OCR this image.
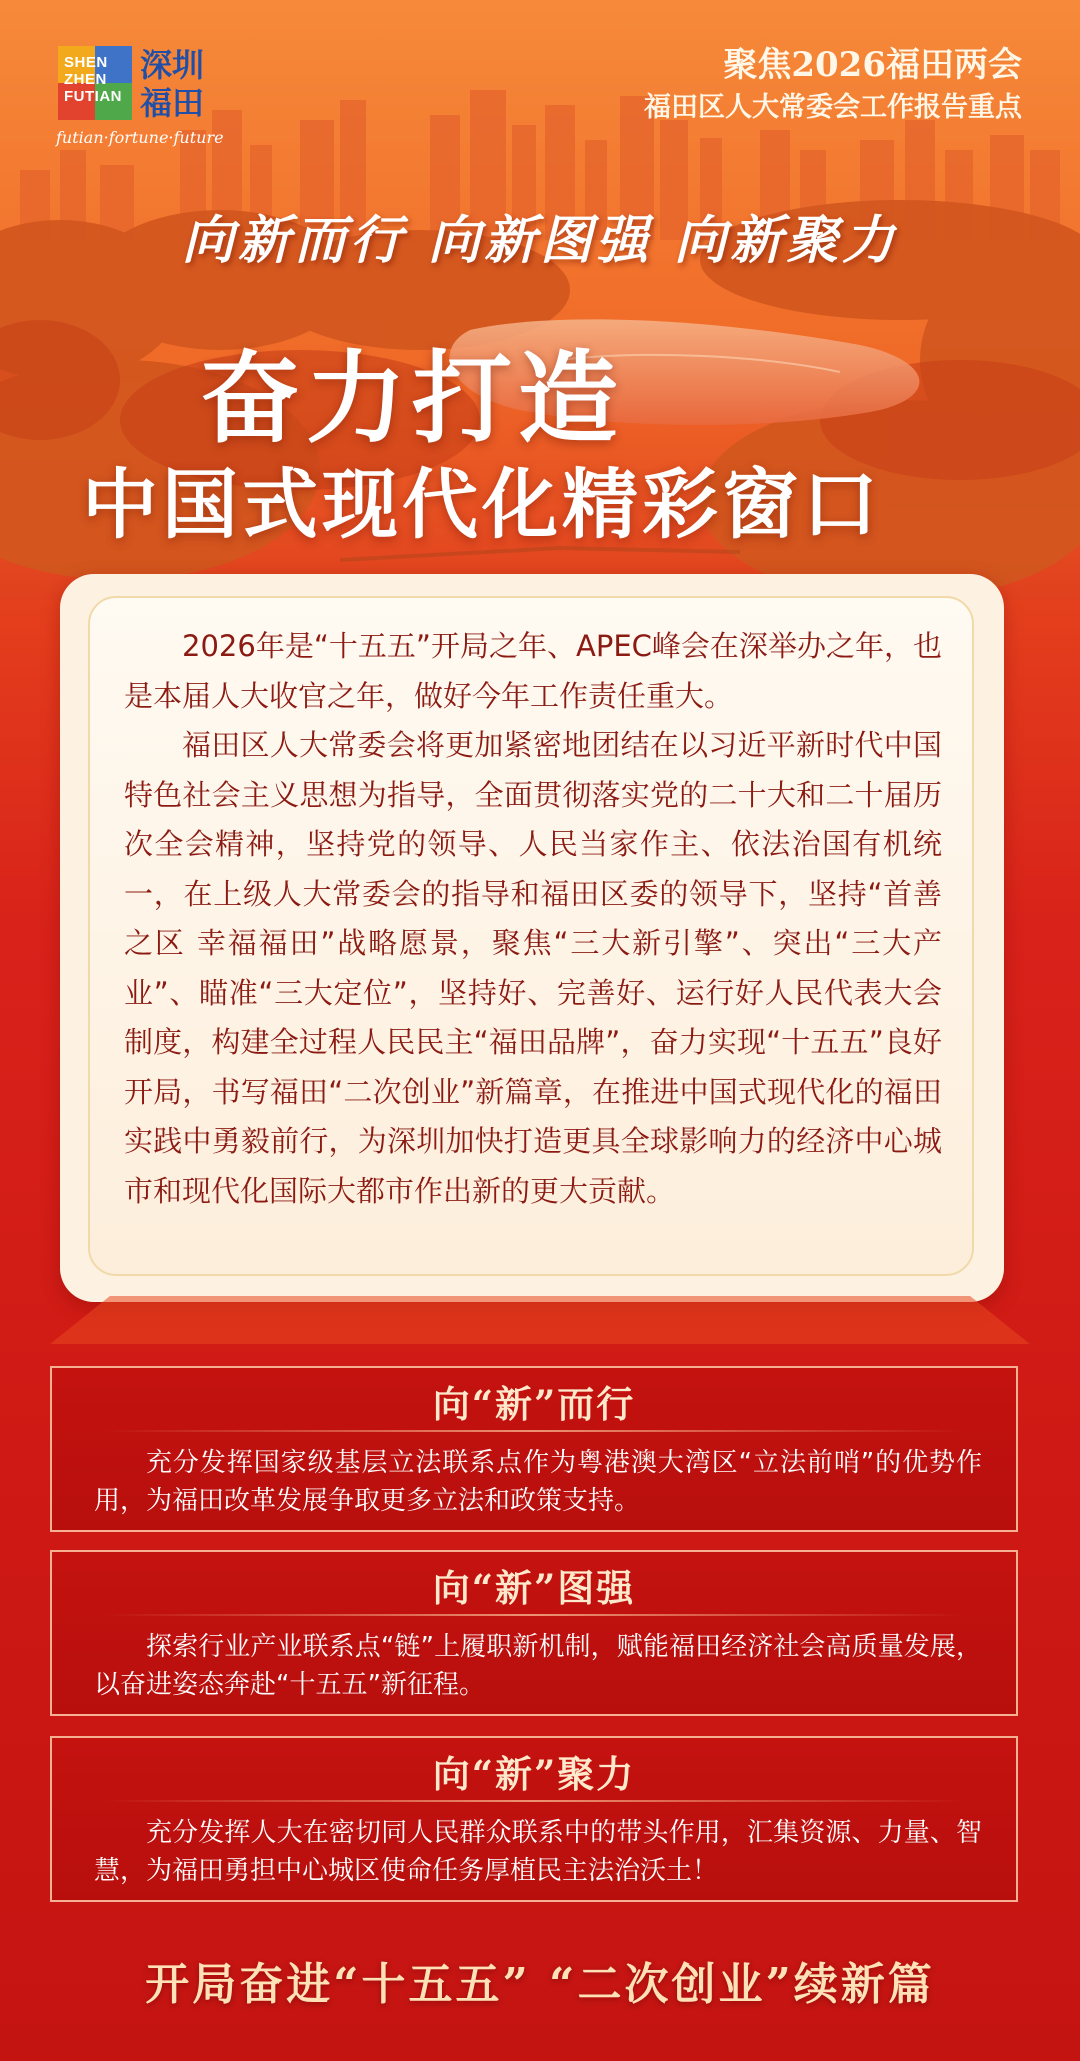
SHEN
ZHEN
FUTIAN
深圳福田
futian·fortune·future
聚焦2026福田两会
福田区人大常委会工作报告重点
向新而行 向新图强 向新聚力
奋力打造
中国式现代化精彩窗口

2026年是“十五五”开局之年、APEC峰会在深举办之年，也是本届人大收官之年，做好今年工作责任重大。

福田区人大常委会将更加紧密地团结在以习近平新时代中国特色社会主义思想为指导，全面贯彻落实党的二十大和二十届历次全会精神，坚持党的领导、人民当家作主、依法治国有机统一，在上级人大常委会的指导和福田区委的领导下，坚持“首善之区 幸福福田”战略愿景，聚焦“三大新引擎”、突出“三大产业”、瞄准“三大定位”，坚持好、完善好、运行好人民代表大会制度，构建全过程人民民主“福田品牌”，奋力实现“十五五”良好开局，书写福田“二次创业”新篇章，在推进中国式现代化的福田实践中勇毅前行，为深圳加快打造更具全球影响力的经济中心城市和现代化国际大都市作出新的更大贡献。

向“新”而行
充分发挥国家级基层立法联系点作为粤港澳大湾区“立法前哨”的优势作用，为福田改革发展争取更多立法和政策支持。
向“新”图强
探索行业产业联系点“链”上履职新机制，赋能福田经济社会高质量发展，以奋进姿态奔赴“十五五”新征程。
向“新”聚力
充分发挥人大在密切同人民群众联系中的带头作用，汇集资源、力量、智慧，为福田勇担中心城区使命任务厚植民主法治沃土！
开局奋进“十五五” “二次创业”续新篇
